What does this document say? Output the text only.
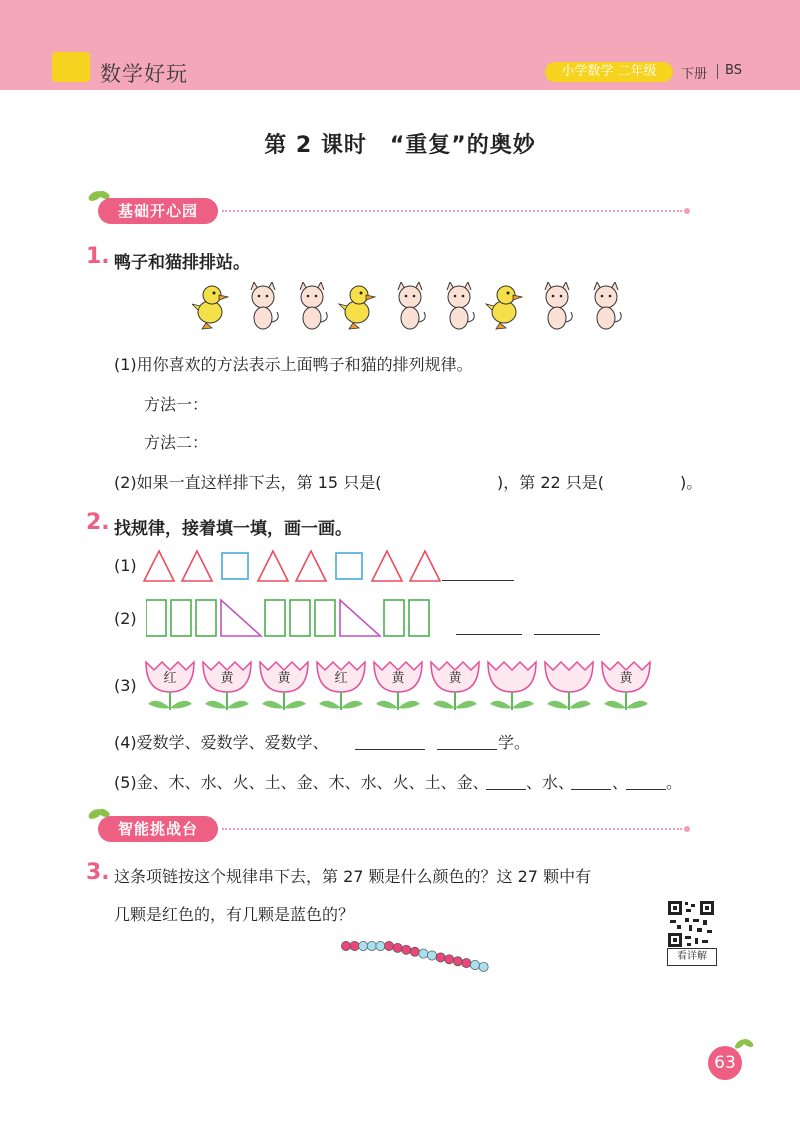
数学好玩	小学数学 二年级	下册 BS
第 2 课时　“重复”的奥妙
基础开心园
1. 鸭子和猫排排站。
(1)用你喜欢的方法表示上面鸭子和猫的排列规律。
方法一：
方法二：
(2)如果一直这样排下去，第 15 只是(	)，第 22 只是(	)。
2. 找规律，接着填一填，画一画。
(1)
(2)
(3) 红	黄	黄	红	黄	黄	黄
(4)爱数学、爱数学、爱数学、	学。
(5)金、木、水、火、土、金、木、水、火、土、金、 、水、 、 。
智能挑战台
3. 这条项链按这个规律串下去，第 27 颗是什么颜色的？这 27 颗中有
几颗是红色的，有几颗是蓝色的？
看详解
63
